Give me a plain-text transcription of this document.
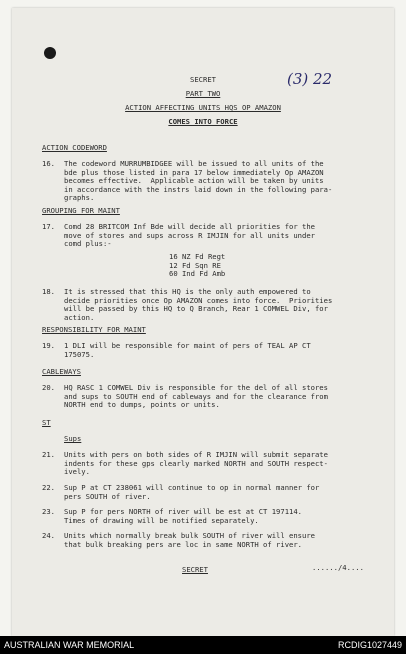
(3) 22
SECRET
PART TWO
ACTION AFFECTING UNITS HQS OP AMAZON
COMES INTO FORCE
ACTION CODEWORD
16.	The codeword MURRUMBIDGEE will be issued to all units of the
bde plus those listed in para 17 below immediately Op AMAZON
becomes effective.  Applicable action will be taken by units
in accordance with the instrs laid down in the following para-
graphs.
GROUPING FOR MAINT
17.	Comd 28 BRITCOM Inf Bde will decide all priorities for the
move of stores and sups across R IMJIN for all units under
comd plus:-
16 NZ Fd Regt
12 Fd Sqn RE
60 Ind Fd Amb
18.	It is stressed that this HQ is the only auth empowered to
decide priorities once Op AMAZON comes into force.  Priorities
will be passed by this HQ to Q Branch, Rear 1 COMWEL Div, for
action.
RESPONSIBILITY FOR MAINT
19.	1 DLI will be responsible for maint of pers of TEAL AP CT
175075.
CABLEWAYS
20.	HQ RASC 1 COMWEL Div is responsible for the del of all stores
and sups to SOUTH end of cableways and for the clearance from
NORTH end to dumps, points or units.
ST
Sups
21.	Units with pers on both sides of R IMJIN will submit separate
indents for these gps clearly marked NORTH and SOUTH respect-
ively.
22.	Sup P at CT 238061 will continue to op in normal manner for
pers SOUTH of river.
23.	Sup P for pers NORTH of river will be est at CT 197114.
Times of drawing will be notified separately.
24.	Units which normally break bulk SOUTH of river will ensure
that bulk breaking pers are loc in same NORTH of river.
SECRET	....../4....
AUSTRALIAN WAR MEMORIAL	RCDIG1027449
